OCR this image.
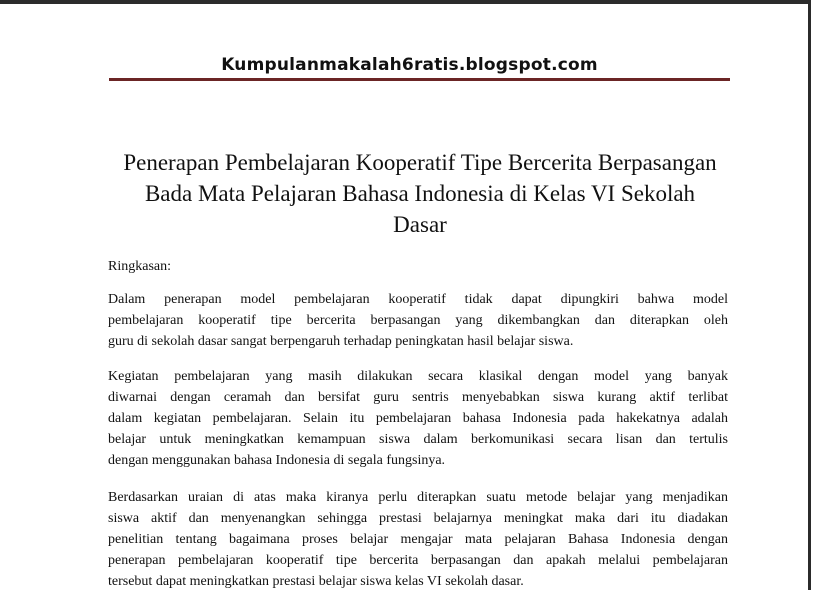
Kumpulanmakalah6ratis.blogspot.com
Penerapan Pembelajaran Kooperatif Tipe Bercerita Berpasangan
Bada Mata Pelajaran Bahasa Indonesia di Kelas VI Sekolah
Dasar
Ringkasan:
Dalam penerapan model pembelajaran kooperatif tidak dapat dipungkiri bahwa model
pembelajaran kooperatif tipe bercerita berpasangan yang dikembangkan dan diterapkan oleh
guru di sekolah dasar sangat berpengaruh terhadap peningkatan hasil belajar siswa.
Kegiatan pembelajaran yang masih dilakukan secara klasikal dengan model yang banyak
diwarnai dengan ceramah dan bersifat guru sentris menyebabkan siswa kurang aktif terlibat
dalam kegiatan pembelajaran. Selain itu pembelajaran bahasa Indonesia pada hakekatnya adalah
belajar untuk meningkatkan kemampuan siswa dalam berkomunikasi secara lisan dan tertulis
dengan menggunakan bahasa Indonesia di segala fungsinya.
Berdasarkan uraian di atas maka kiranya perlu diterapkan suatu metode belajar yang menjadikan
siswa aktif dan menyenangkan sehingga prestasi belajarnya meningkat maka dari itu diadakan
penelitian tentang bagaimana proses belajar mengajar mata pelajaran Bahasa Indonesia dengan
penerapan pembelajaran kooperatif tipe bercerita berpasangan dan apakah melalui pembelajaran
tersebut dapat meningkatkan prestasi belajar siswa kelas VI sekolah dasar.
